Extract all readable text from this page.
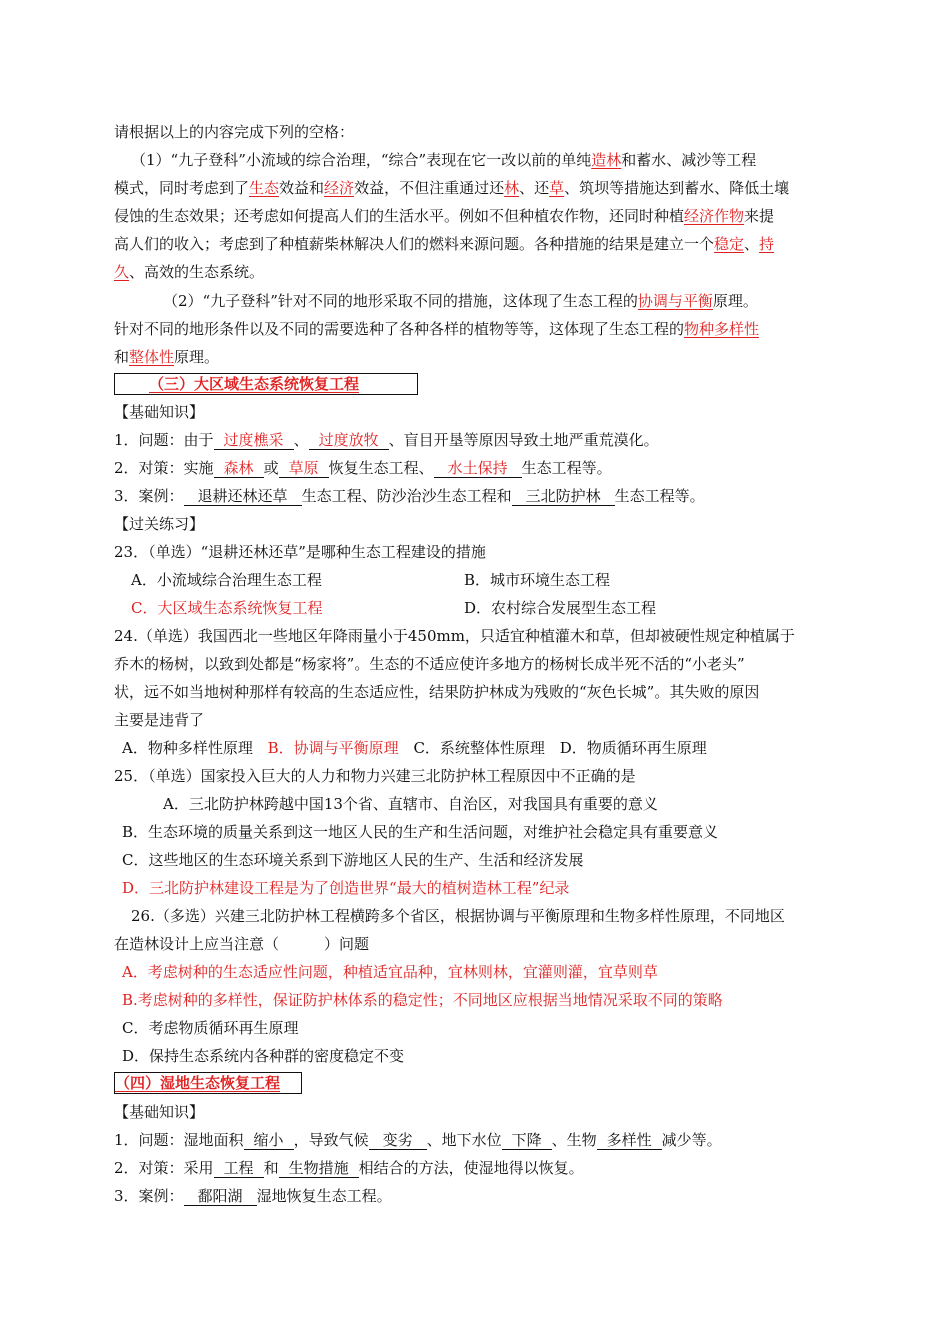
请根据以上的内容完成下列的空格：
（1）“九子登科”小流域的综合治理，“综合”表现在它一改以前的单纯造林和蓄水、减沙等工程
模式，同时考虑到了生态效益和经济效益，不但注重通过还林、还草、筑坝等措施达到蓄水、降低土壤
侵蚀的生态效果；还考虑如何提高人们的生活水平。例如不但种植农作物，还同时种植经济作物来提
高人们的收入；考虑到了种植薪柴林解决人们的燃料来源问题。各种措施的结果是建立一个稳定、持
久、高效的生态系统。
（2）“九子登科”针对不同的地形采取不同的措施，这体现了生态工程的协调与平衡原理。
针对不同的地形条件以及不同的需要选种了各种各样的植物等等，这体现了生态工程的物种多样性
和整体性原理。
（三）大区域生态系统恢复工程
【基础知识】
1．问题：由于 过度樵采 、 过度放牧 、盲目开垦等原因导致土地严重荒漠化。
2．对策：实施 森林 或 草原 恢复生态工程、 水土保持 生态工程等。
3．案例： 退耕还林还草 生态工程、防沙治沙生态工程和 三北防护林 生态工程等。
【过关练习】
23．（单选）“退耕还林还草”是哪种生态工程建设的措施
A．小流域综合治理生态工程	B．城市环境生态工程
C．大区域生态系统恢复工程	D．农村综合发展型生态工程
24.（单选）我国西北一些地区年降雨量小于450mm，只适宜种植灌木和草，但却被硬性规定种植属于
乔木的杨树，以致到处都是“杨家将”。生态的不适应使许多地方的杨树长成半死不活的“小老头”
状，远不如当地树种那样有较高的生态适应性，结果防护林成为残败的“灰色长城”。其失败的原因
主要是违背了
A．物种多样性原理 B．协调与平衡原理 C．系统整体性原理 D．物质循环再生原理
25．（单选）国家投入巨大的人力和物力兴建三北防护林工程原因中不正确的是
A．三北防护林跨越中国13个省、直辖市、自治区，对我国具有重要的意义
B．生态环境的质量关系到这一地区人民的生产和生活问题，对维护社会稳定具有重要意义
C．这些地区的生态环境关系到下游地区人民的生产、生活和经济发展
D．三北防护林建设工程是为了创造世界“最大的植树造林工程”纪录
26.（多选）兴建三北防护林工程横跨多个省区，根据协调与平衡原理和生物多样性原理，不同地区
在造林设计上应当注意（　　　）问题
A．考虑树种的生态适应性问题，种植适宜品种，宜林则林，宜灌则灌，宜草则草
B.考虑树种的多样性，保证防护林体系的稳定性；不同地区应根据当地情况采取不同的策略
C．考虑物质循环再生原理
D．保持生态系统内各种群的密度稳定不变
（四）湿地生态恢复工程
【基础知识】
1．问题：湿地面积 缩小 ，导致气候 变劣 、地下水位 下降 、生物 多样性 减少等。
2．对策：采用 工程 和 生物措施 相结合的方法，使湿地得以恢复。
3．案例： 鄱阳湖 湿地恢复生态工程。
